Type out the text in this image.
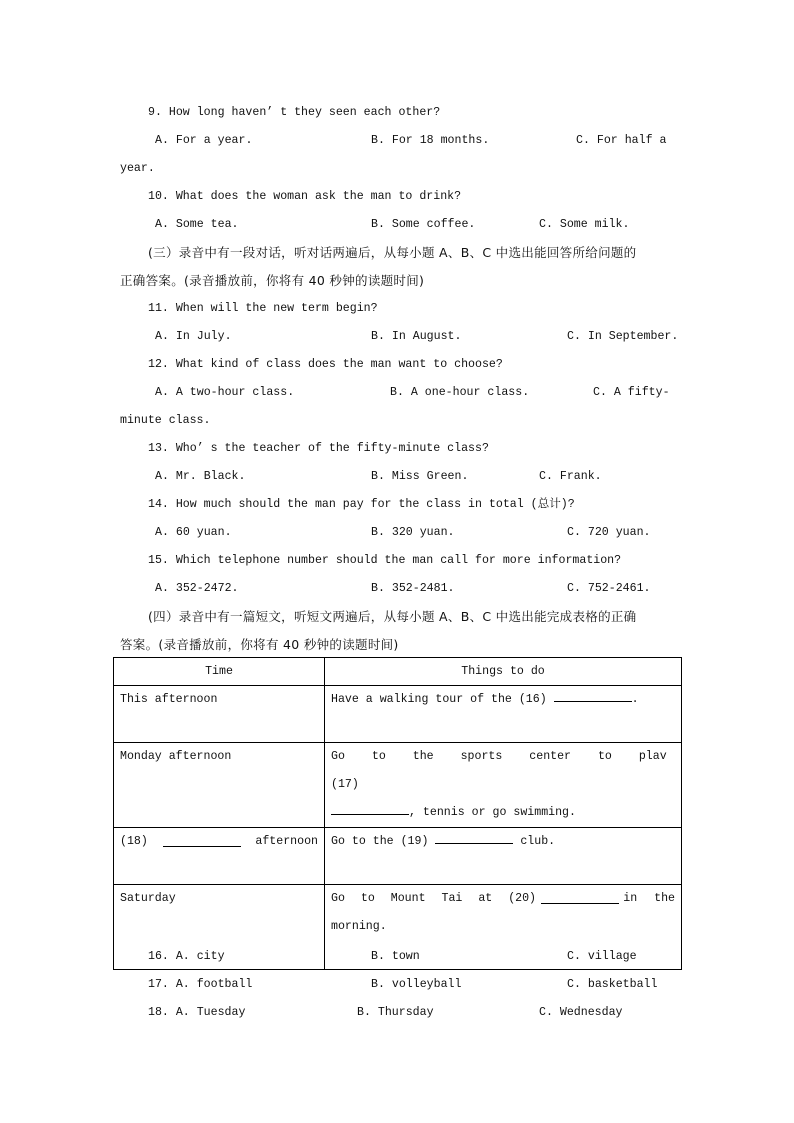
9. How long haven’ t they seen each other?
A. For a year.	B. For 18 months.	C. For half a
year.
10. What does the woman ask the man to drink?
A. Some tea.	B. Some coffee.	C. Some milk.
(三）录音中有一段对话，听对话两遍后，从每小题 A、B、C 中选出能回答所给问题的
正确答案。(录音播放前，你将有 40 秒钟的读题时间)
11. When will the new term begin?
A. In July.	B. In August.	C. In September.
12. What kind of class does the man want to choose?
A. A two-hour class.	B. A one-hour class.	C. A fifty-
minute class.
13. Who’ s the teacher of the fifty-minute class?
A. Mr. Black.	B. Miss Green.	C. Frank.
14. How much should the man pay for the class in total (总计)?
A. 60 yuan.	B. 320 yuan.	C. 720 yuan.
15. Which telephone number should the man call for more information?
A. 352-2472.	B. 352-2481.	C. 752-2461.
(四）录音中有一篇短文，听短文两遍后，从每小题 A、B、C 中选出能完成表格的正确
答案。(录音播放前，你将有 40 秒钟的读题时间)
Time	Things to do
This afternoon	Have a walking tour of the (16) .
Monday afternoon	Go to the sports center to plav (17)
, tennis or go swimming.

(18) afternoon	Go to the (19) club.
Saturday	Go to Mount Tai at (20) in the
morning.
16. A. city	B. town	C. village
17. A. football	B. volleyball	C. basketball
18. A. Tuesday	B. Thursday	C. Wednesday
